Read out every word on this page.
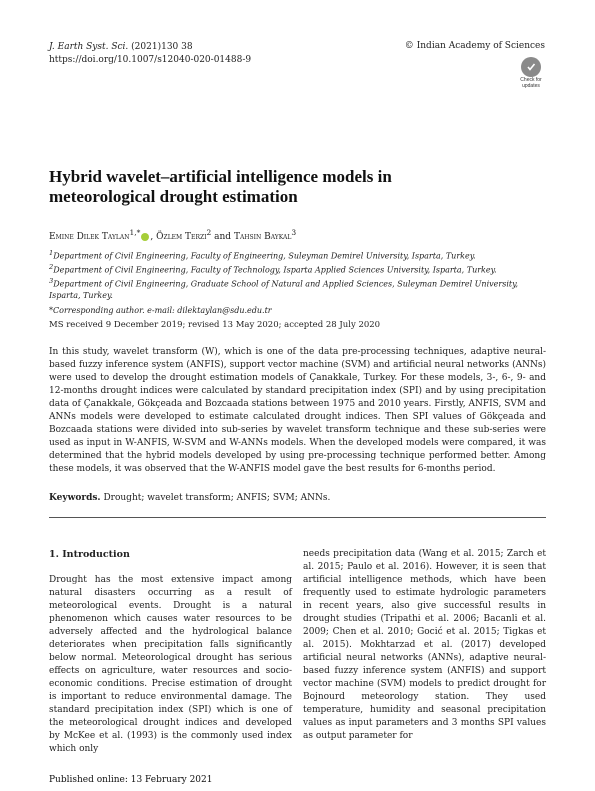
J. Earth Syst. Sci. (2021)130 38
https://doi.org/10.1007/s12040-020-01488-9
© Indian Academy of Sciences
Check for updates
Hybrid wavelet–artificial intelligence models in meteorological drought estimation
Emine Dilek Taylan$^{1,*}$ , Özlem Terzi$^2$ and Tahsin Baykal$^3$
$^1$Department of Civil Engineering, Faculty of Engineering, Suleyman Demirel University, Isparta, Turkey.
$^2$Department of Civil Engineering, Faculty of Technology, Isparta Applied Sciences University, Isparta, Turkey.
$^3$Department of Civil Engineering, Graduate School of Natural and Applied Sciences, Suleyman Demirel University, Isparta, Turkey.
*Corresponding author. e-mail: dilektaylan@sdu.edu.tr
MS received 9 December 2019; revised 13 May 2020; accepted 28 July 2020

In this study, wavelet transform (W), which is one of the data pre-processing techniques, adaptive neural-based fuzzy inference system (ANFIS), support vector machine (SVM) and artificial neural networks (ANNs) were used to develop the drought estimation models of Çanakkale, Turkey. For these models, 3-, 6-, 9- and 12-months drought indices were calculated by standard precipitation index (SPI) and by using precipitation data of Çanakkale, Gökçeada and Bozcaada stations between 1975 and 2010 years. Firstly, ANFIS, SVM and ANNs models were developed to estimate calculated drought indices. Then SPI values of Gökçeada and Bozcaada stations were divided into sub-series by wavelet transform technique and these sub-series were used as input in W-ANFIS, W-SVM and W-ANNs models. When the developed models were compared, it was determined that the hybrid models developed by using pre-processing technique performed better. Among these models, it was observed that the W-ANFIS model gave the best results for 6-months period.

Keywords. Drought; wavelet transform; ANFIS; SVM; ANNs.
1. Introduction

Drought has the most extensive impact among natural disasters occurring as a result of meteorological events. Drought is a natural phenomenon which causes water resources to be adversely affected and the hydrological balance deteriorates when precipitation falls significantly below normal. Meteorological drought has serious effects on agriculture, water resources and socio-economic conditions. Precise estimation of drought is important to reduce environmental damage. The standard precipitation index (SPI) which is one of the meteorological drought indices and developed by McKee et al. (1993) is the commonly used index which only

needs precipitation data (Wang et al. 2015; Zarch et al. 2015; Paulo et al. 2016). However, it is seen that artificial intelligence methods, which have been frequently used to estimate hydrologic parameters in recent years, also give successful results in drought studies (Tripathi et al. 2006; Bacanli et al. 2009; Chen et al. 2010; Gocić et al. 2015; Tigkas et al. 2015). Mokhtarzad et al. (2017) developed artificial neural networks (ANNs), adaptive neural-based fuzzy inference system (ANFIS) and support vector machine (SVM) models to predict drought for Bojnourd meteorology station. They used temperature, humidity and seasonal precipitation values as input parameters and 3 months SPI values as output parameter for

Published online: 13 February 2021
